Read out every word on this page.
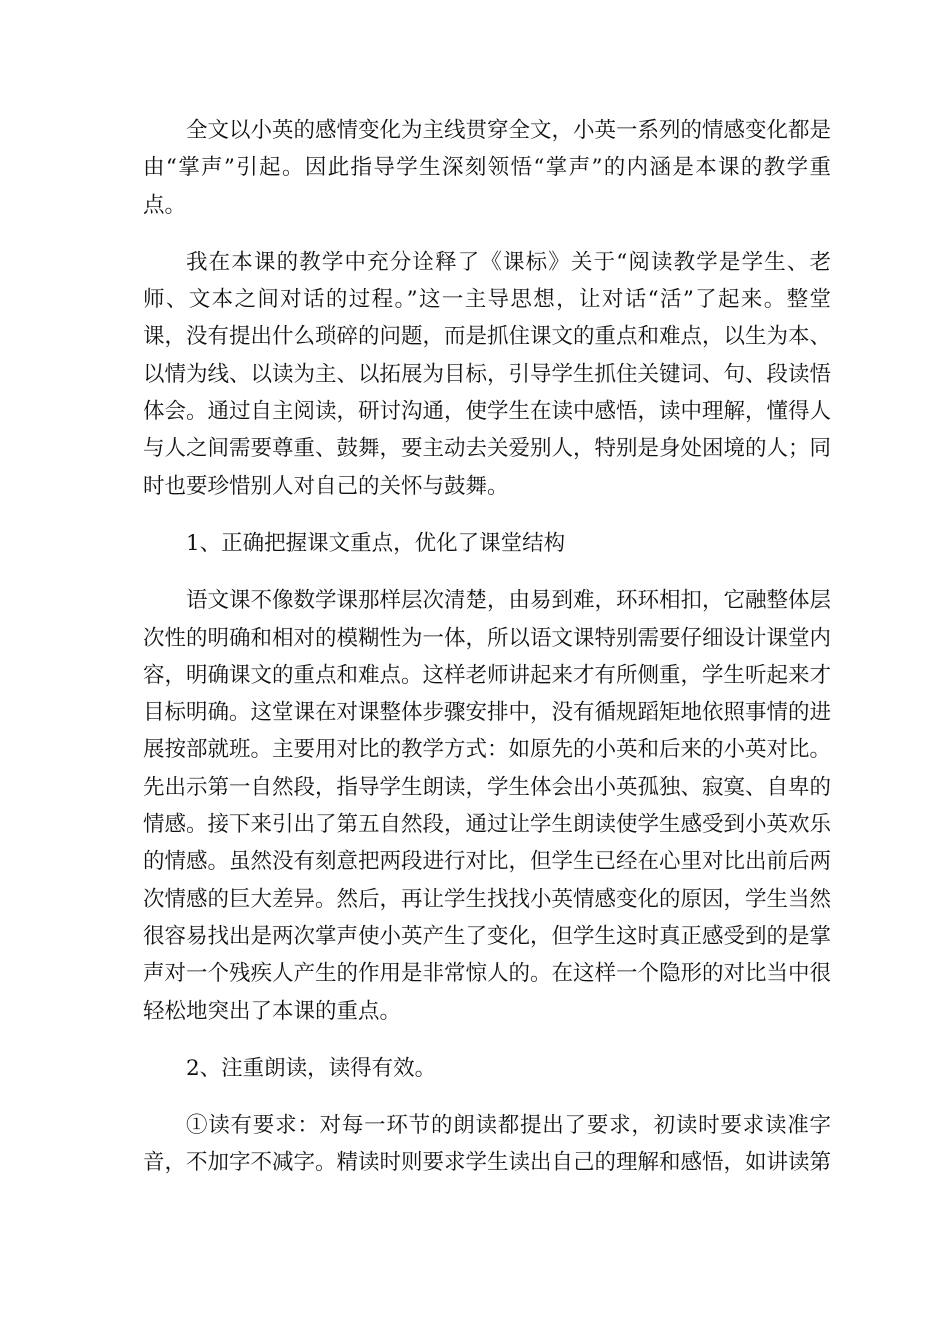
全文以小英的感情变化为主线贯穿全文，小英一系列的情感变化都是由“掌声”引起。因此指导学生深刻领悟“掌声”的内涵是本课的教学重点。

我在本课的教学中充分诠释了《课标》关于“阅读教学是学生、老师、文本之间对话的过程。”这一主导思想，让对话“活”了起来。整堂课，没有提出什么琐碎的问题，而是抓住课文的重点和难点，以生为本、以情为线、以读为主、以拓展为目标，引导学生抓住关键词、句、段读悟体会。通过自主阅读，研讨沟通，使学生在读中感悟，读中理解，懂得人与人之间需要尊重、鼓舞，要主动去关爱别人，特别是身处困境的人；同时也要珍惜别人对自己的关怀与鼓舞。

1、正确把握课文重点，优化了课堂结构

语文课不像数学课那样层次清楚，由易到难，环环相扣，它融整体层次性的明确和相对的模糊性为一体，所以语文课特别需要仔细设计课堂内容，明确课文的重点和难点。这样老师讲起来才有所侧重，学生听起来才目标明确。这堂课在对课整体步骤安排中，没有循规蹈矩地依照事情的进展按部就班。主要用对比的教学方式：如原先的小英和后来的小英对比。先出示第一自然段，指导学生朗读，学生体会出小英孤独、寂寞、自卑的情感。接下来引出了第五自然段，通过让学生朗读使学生感受到小英欢乐的情感。虽然没有刻意把两段进行对比，但学生已经在心里对比出前后两次情感的巨大差异。然后，再让学生找找小英情感变化的原因，学生当然很容易找出是两次掌声使小英产生了变化，但学生这时真正感受到的是掌声对一个残疾人产生的作用是非常惊人的。在这样一个隐形的对比当中很轻松地突出了本课的重点。

2、注重朗读，读得有效。

①读有要求：对每一环节的朗读都提出了要求，初读时要求读准字音，不加字不减字。精读时则要求学生读出自己的理解和感悟，如讲读第
